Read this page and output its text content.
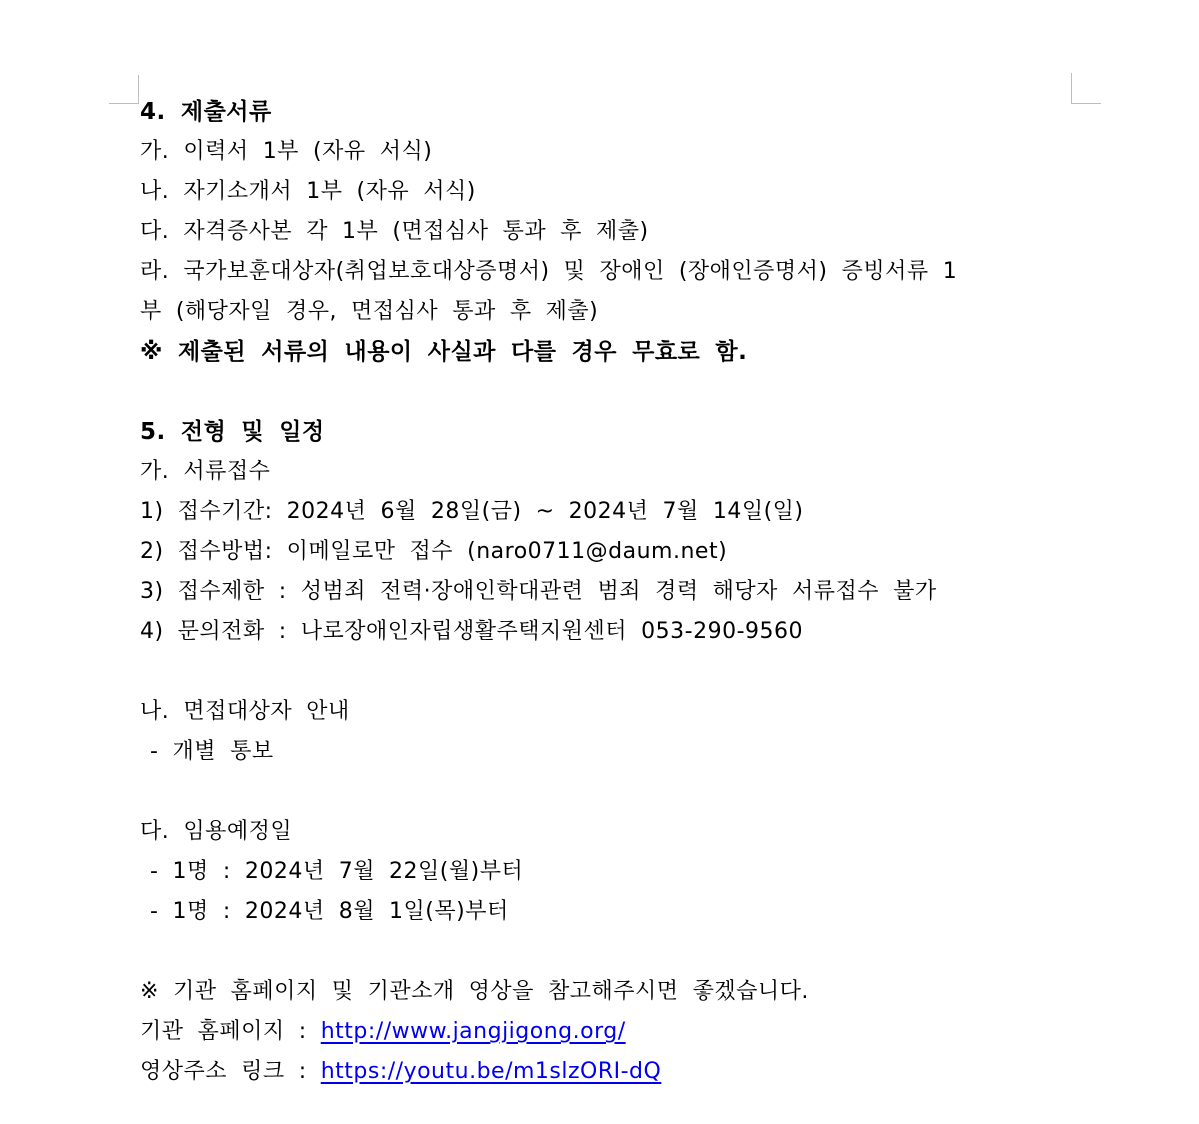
4. 제출서류
가. 이력서 1부 (자유 서식)
나. 자기소개서 1부 (자유 서식)
다. 자격증사본 각 1부 (면접심사 통과 후 제출)
라. 국가보훈대상자(취업보호대상증명서) 및 장애인 (장애인증명서) 증빙서류 1
부 (해당자일 경우, 면접심사 통과 후 제출)
※ 제출된 서류의 내용이 사실과 다를 경우 무효로 함.
5. 전형 및 일정
가. 서류접수
1) 접수기간: 2024년 6월 28일(금) ~ 2024년 7월 14일(일)
2) 접수방법: 이메일로만 접수 (naro0711@daum.net)
3) 접수제한 : 성범죄 전력·장애인학대관련 범죄 경력 해당자 서류접수 불가
4) 문의전화 : 나로장애인자립생활주택지원센터 053-290-9560
나. 면접대상자 안내
- 개별 통보
다. 임용예정일
- 1명 : 2024년 7월 22일(월)부터
- 1명 : 2024년 8월 1일(목)부터
※ 기관 홈페이지 및 기관소개 영상을 참고해주시면 좋겠습니다.
기관 홈페이지 : http://www.jangjigong.org/
영상주소 링크 : https://youtu.be/m1slzORI-dQ
